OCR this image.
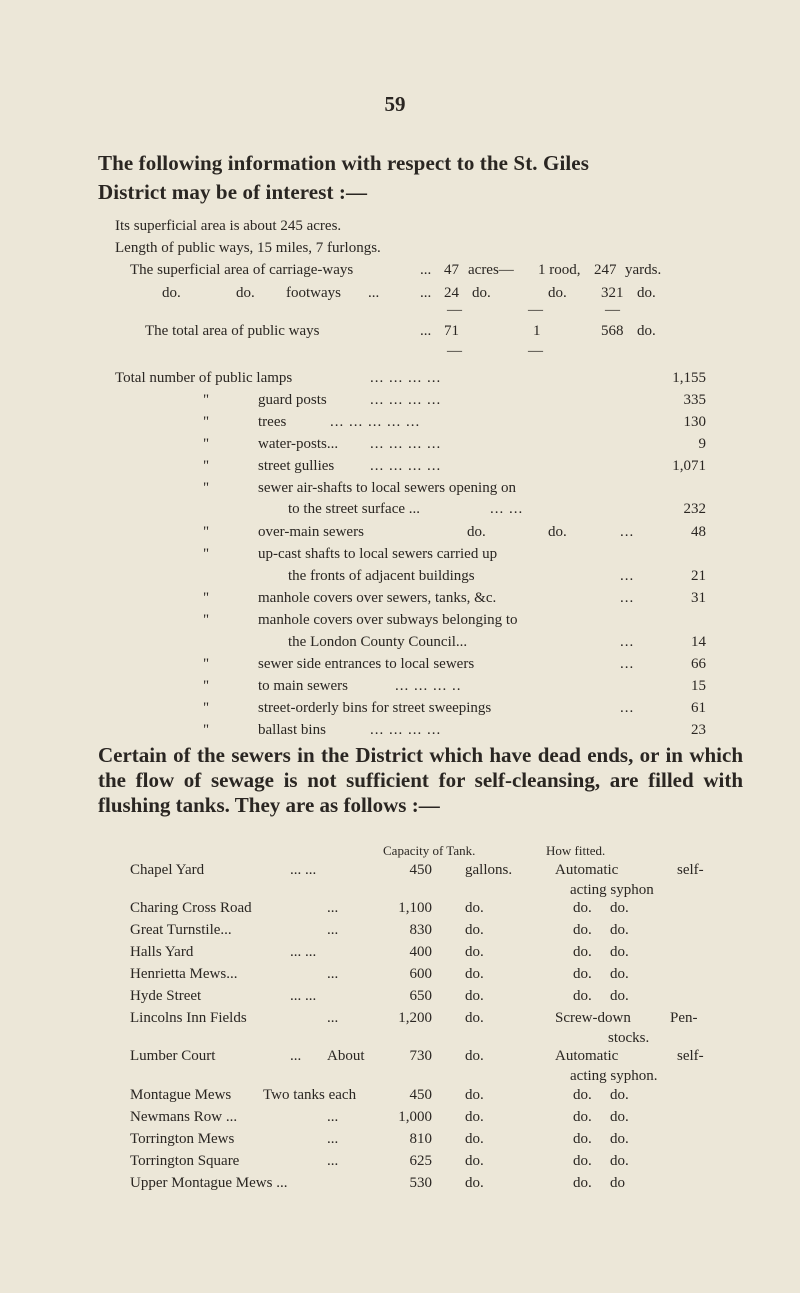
59
The following information with respect to the St. Giles
District may be of interest :—
Its superficial area is about 245 acres.
Length of public ways, 15 miles, 7 furlongs.
The superficial area of carriage-ways	... 47 acres— 1 rood, 247 yards.
do.	do. footways ...	... 24 do.	do. 321 do.
—	—	—
The total area of public ways	... 71	1	568 do.
—	—
Total number of public lamps	... ... ... ...	1,155
"	guard posts	... ... ... ...	335
"	trees	... ... ... ... ...	130
"	water-posts... ... ... ... ...	9
"	street gullies ... ... ... ...	1,071
"	sewer air-shafts to local sewers opening on
to the street surface ...	... ...	232
"	over-main sewers	do.	do.	...	48
"	up-cast shafts to local sewers carried up
the fronts of adjacent buildings	...	21
"	manhole covers over sewers, tanks, &c.	...	31
"	manhole covers over subways belonging to
the London County Council...	...	14
"	sewer side entrances to local sewers	...	66
"	to main sewers	... ... ... ..	15
"	street-orderly bins for street sweepings	...	61
"	ballast bins	... ... ... ...	23
Certain of the sewers in the District which have dead ends, or in which the flow of sewage is not sufficient for self-cleansing, are filled with flushing tanks. They are as follows :—
Capacity of Tank.	How fitted.
Chapel Yard	... ...	450 gallons.	Automatic	self-
acting syphon
Charing Cross Road	...	1,100 do.	do. do.
Great Turnstile...	...	830 do.	do. do.
Halls Yard	... ...	400 do.	do. do.
Henrietta Mews...	...	600 do.	do. do.
Hyde Street	... ...	650 do.	do. do.
Lincolns Inn Fields	...	1,200 do.	Screw-down	Pen-
stocks.
Lumber Court	... About	730 do.	Automatic	self-
acting syphon.
Montague Mews Two tanks each	450 do.	do. do.
Newmans Row ...	...	1,000 do.	do. do.
Torrington Mews	...	810 do.	do. do.
Torrington Square	...	625 do.	do. do.
Upper Montague Mews ...	530 do.	do. do
